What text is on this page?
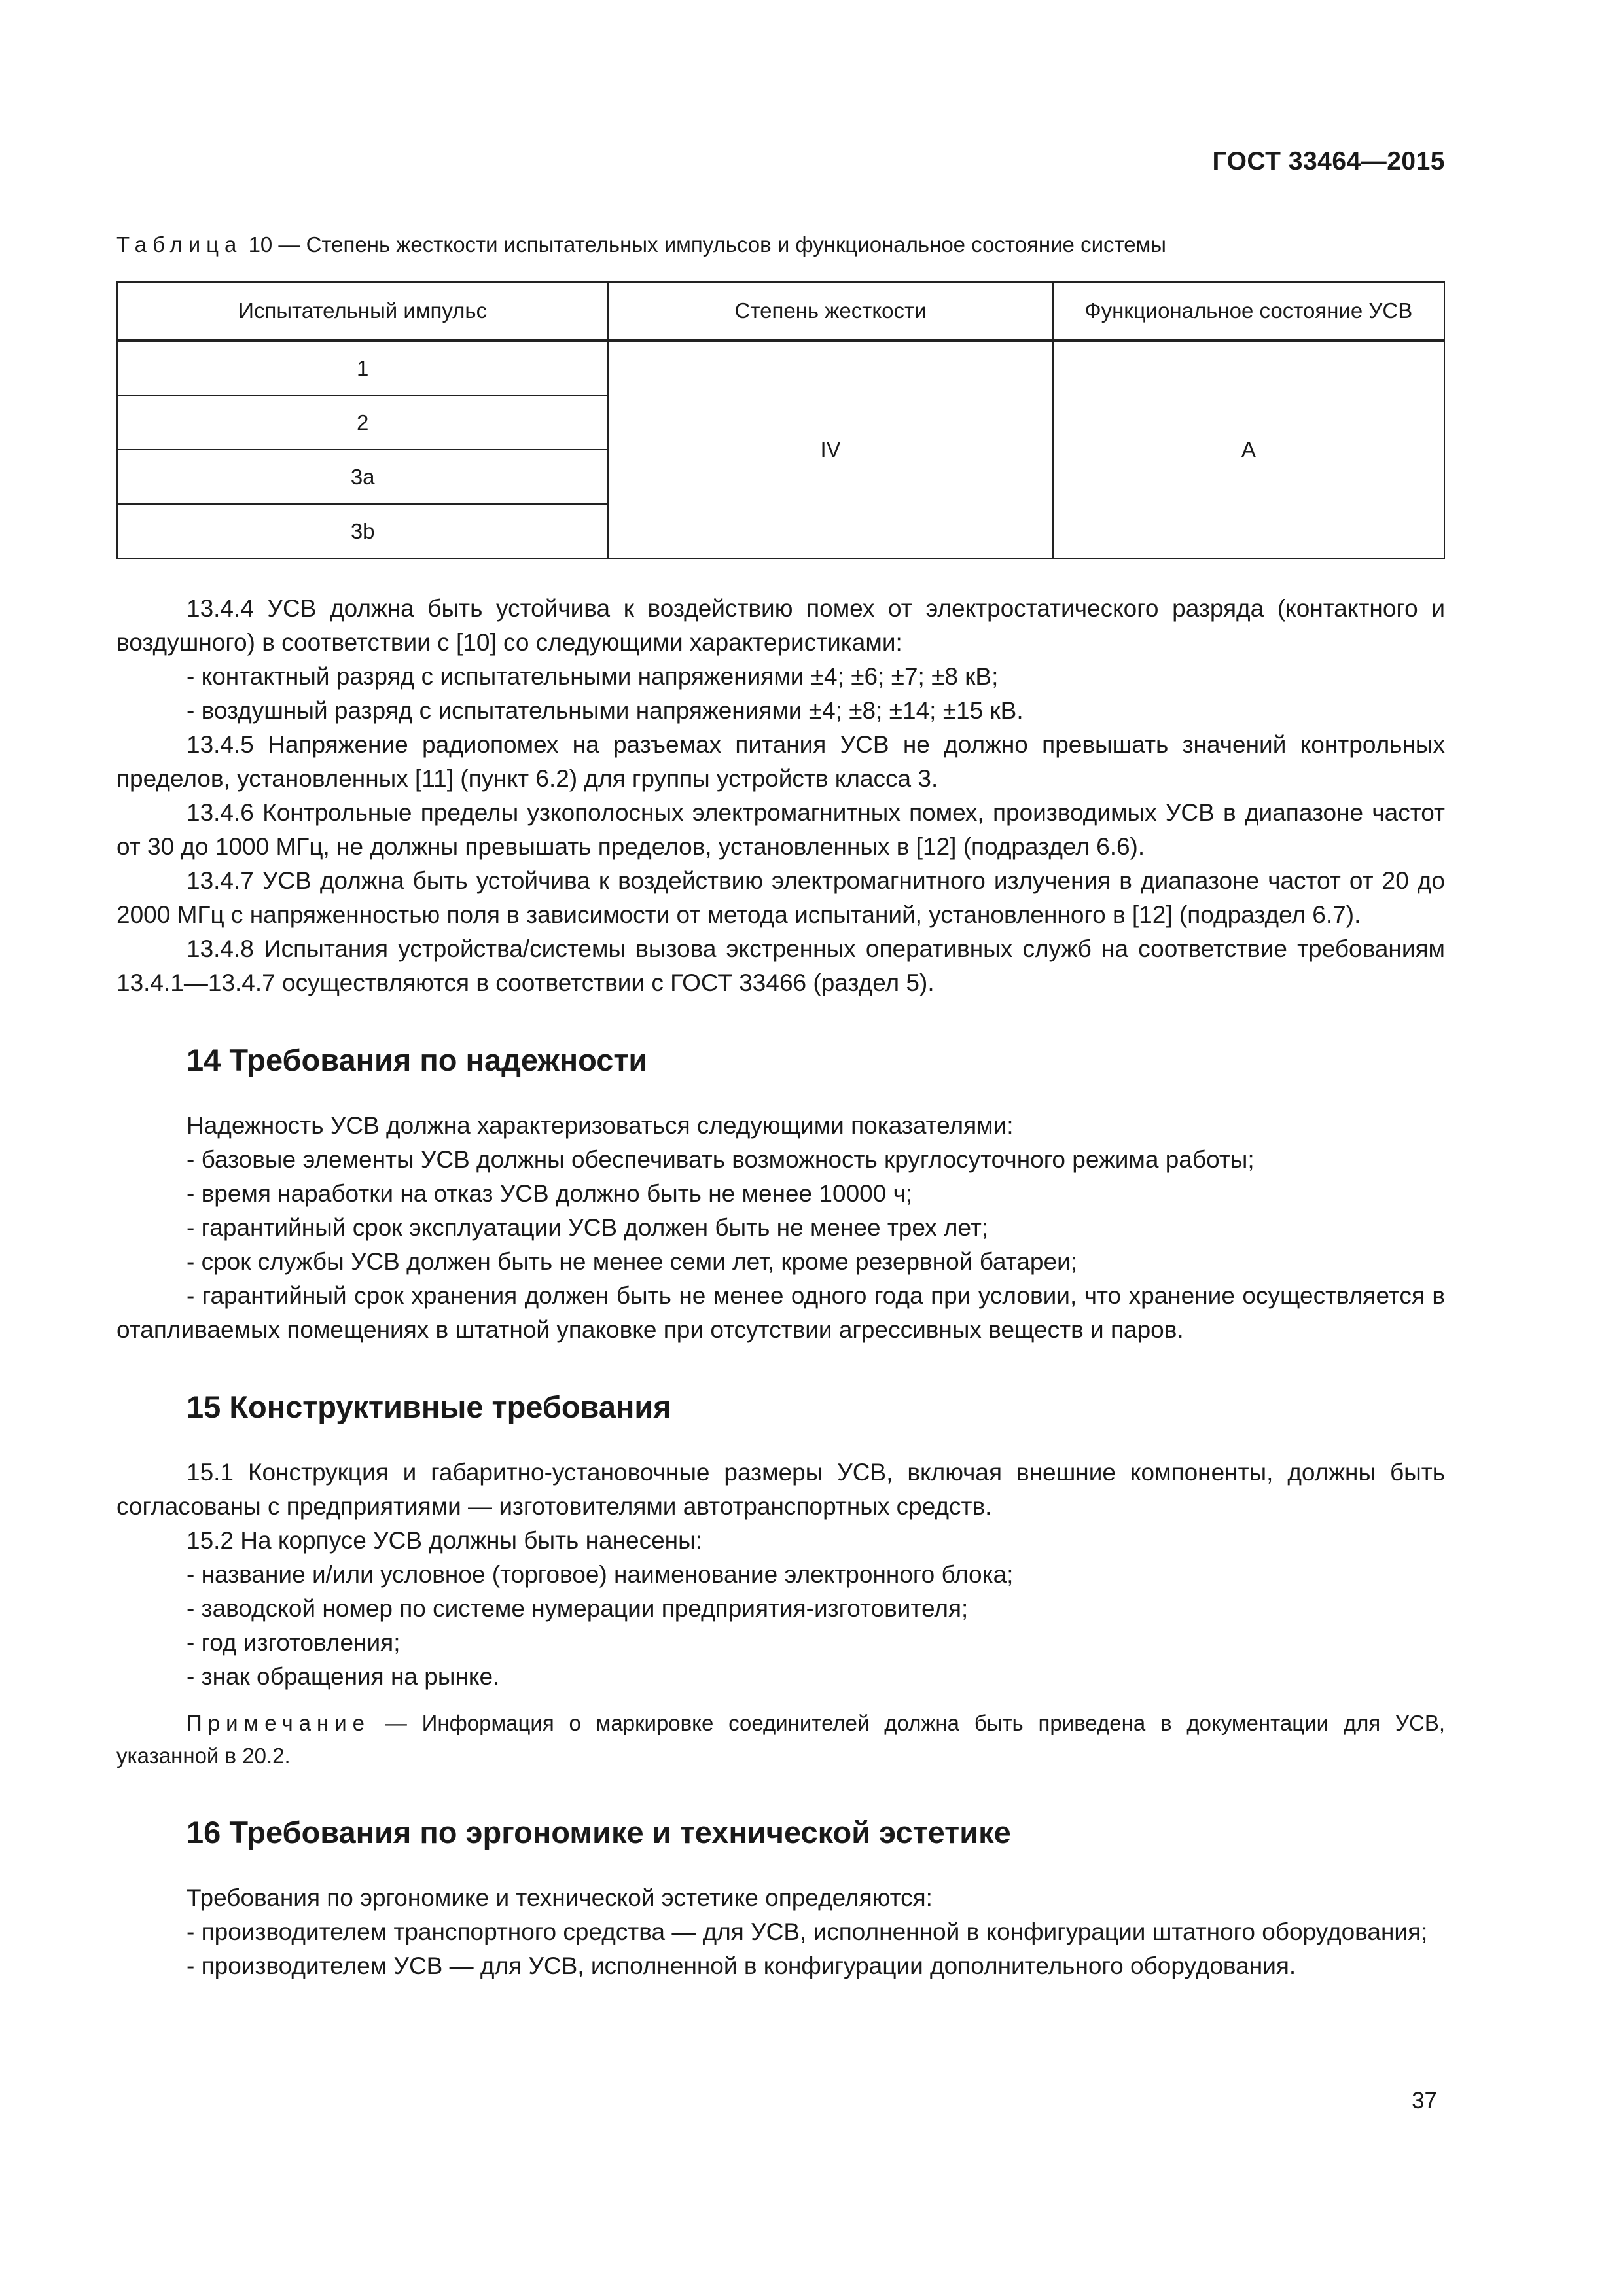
ГОСТ 33464—2015
Таблица 10 — Степень жесткости испытательных импульсов и функциональное состояние системы
Испытательный импульс	Степень жесткости	Функциональное состояние УСВ
1	IV	A
2		
3a		
3b		

13.4.4 УСВ должна быть устойчива к воздействию помех от электростатического разряда (контактного и воздушного) в соответствии с [10] со следующими характеристиками:

- контактный разряд с испытательными напряжениями ±4; ±6; ±7; ±8 кВ;

- воздушный разряд с испытательными напряжениями ±4; ±8; ±14; ±15 кВ.

13.4.5 Напряжение радиопомех на разъемах питания УСВ не должно превышать значений контрольных пределов, установленных [11] (пункт 6.2) для группы устройств класса 3.

13.4.6 Контрольные пределы узкополосных электромагнитных помех, производимых УСВ в диапазоне частот от 30 до 1000 МГц, не должны превышать пределов, установленных в [12] (подраздел 6.6).

13.4.7 УСВ должна быть устойчива к воздействию электромагнитного излучения в диапазоне частот от 20 до 2000 МГц с напряженностью поля в зависимости от метода испытаний, установленного в [12] (подраздел 6.7).

13.4.8 Испытания устройства/системы вызова экстренных оперативных служб на соответствие требованиям 13.4.1—13.4.7 осуществляются в соответствии с ГОСТ 33466 (раздел 5).

14 Требования по надежности

Надежность УСВ должна характеризоваться следующими показателями:

- базовые элементы УСВ должны обеспечивать возможность круглосуточного режима работы;

- время наработки на отказ УСВ должно быть не менее 10000 ч;

- гарантийный срок эксплуатации УСВ должен быть не менее трех лет;

- срок службы УСВ должен быть не менее семи лет, кроме резервной батареи;

- гарантийный срок хранения должен быть не менее одного года при условии, что хранение осуществляется в отапливаемых помещениях в штатной упаковке при отсутствии агрессивных веществ и паров.

15 Конструктивные требования

15.1 Конструкция и габаритно-установочные размеры УСВ, включая внешние компоненты, должны быть согласованы с предприятиями — изготовителями автотранспортных средств.

15.2 На корпусе УСВ должны быть нанесены:

- название и/или условное (торговое) наименование электронного блока;

- заводской номер по системе нумерации предприятия-изготовителя;

- год изготовления;

- знак обращения на рынке.

Примечание — Информация о маркировке соединителей должна быть приведена в документации для УСВ, указанной в 20.2.
16 Требования по эргономике и технической эстетике

Требования по эргономике и технической эстетике определяются:

- производителем транспортного средства — для УСВ, исполненной в конфигурации штатного оборудования;

- производителем УСВ — для УСВ, исполненной в конфигурации дополнительного оборудования.

37
